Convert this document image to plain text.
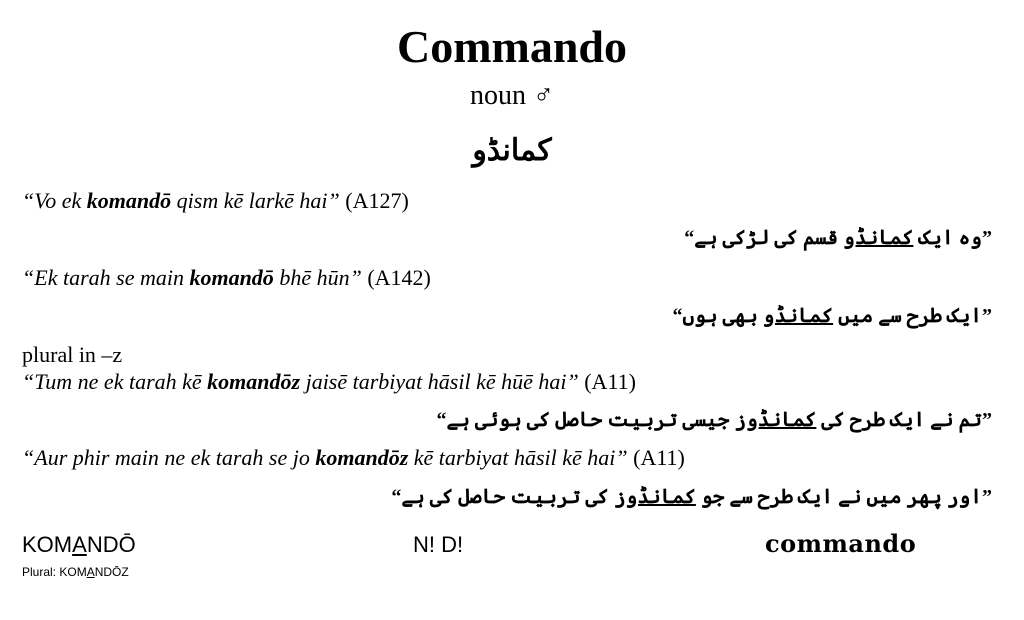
Commando
noun ♂
کمانڈو
“Vo ek komandō qism kē larkē hai” (A127)
”وہ ایک کمانڈو قسم کی لڑکی ہے“
“Ek tarah se main komandō bhē hūn” (A142)
”ایک طرح سے میں کمانڈو بھی ہوں“
plural in –z
“Tum ne ek tarah kē komandōz jaisē tarbiyat hāsil kē hūē hai” (A11)
”تم نے ایک طرح کی کمانڈوز جیسی تربیت حاصل کی ہوئی ہے“
“Aur phir main ne ek tarah se jo komandōz kē tarbiyat hāsil kē hai” (A11)
”اور پھر میں نے ایک طرح سے جو کمانڈوز کی تربیت حاصل کی ہے“
KOMANDŌ
Plural: KOMANDŌZ
N! D!	commando
